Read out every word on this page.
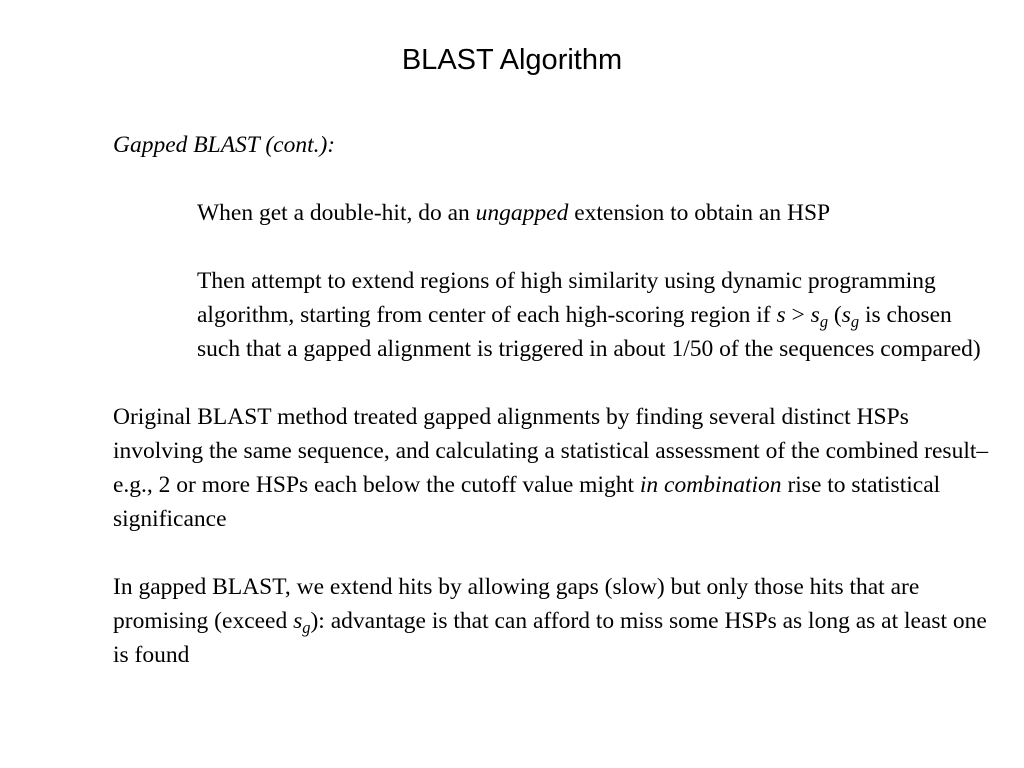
BLAST Algorithm

Gapped BLAST (cont.):

When get a double-hit, do an ungapped extension to obtain an HSP

Then attempt to extend regions of high similarity using dynamic programming algorithm, starting from center of each high-scoring region if $s > s_g$ ($s_g$ is chosen such that a gapped alignment is triggered in about 1/50 of the sequences compared)

Original BLAST method treated gapped alignments by finding several distinct HSPs involving the same sequence, and calculating a statistical assessment of the combined result–e.g., 2 or more HSPs each below the cutoff value might in combination rise to statistical significance

In gapped BLAST, we extend hits by allowing gaps (slow) but only those hits that are promising (exceed $s_g$): advantage is that can afford to miss some HSPs as long as at least one is found
